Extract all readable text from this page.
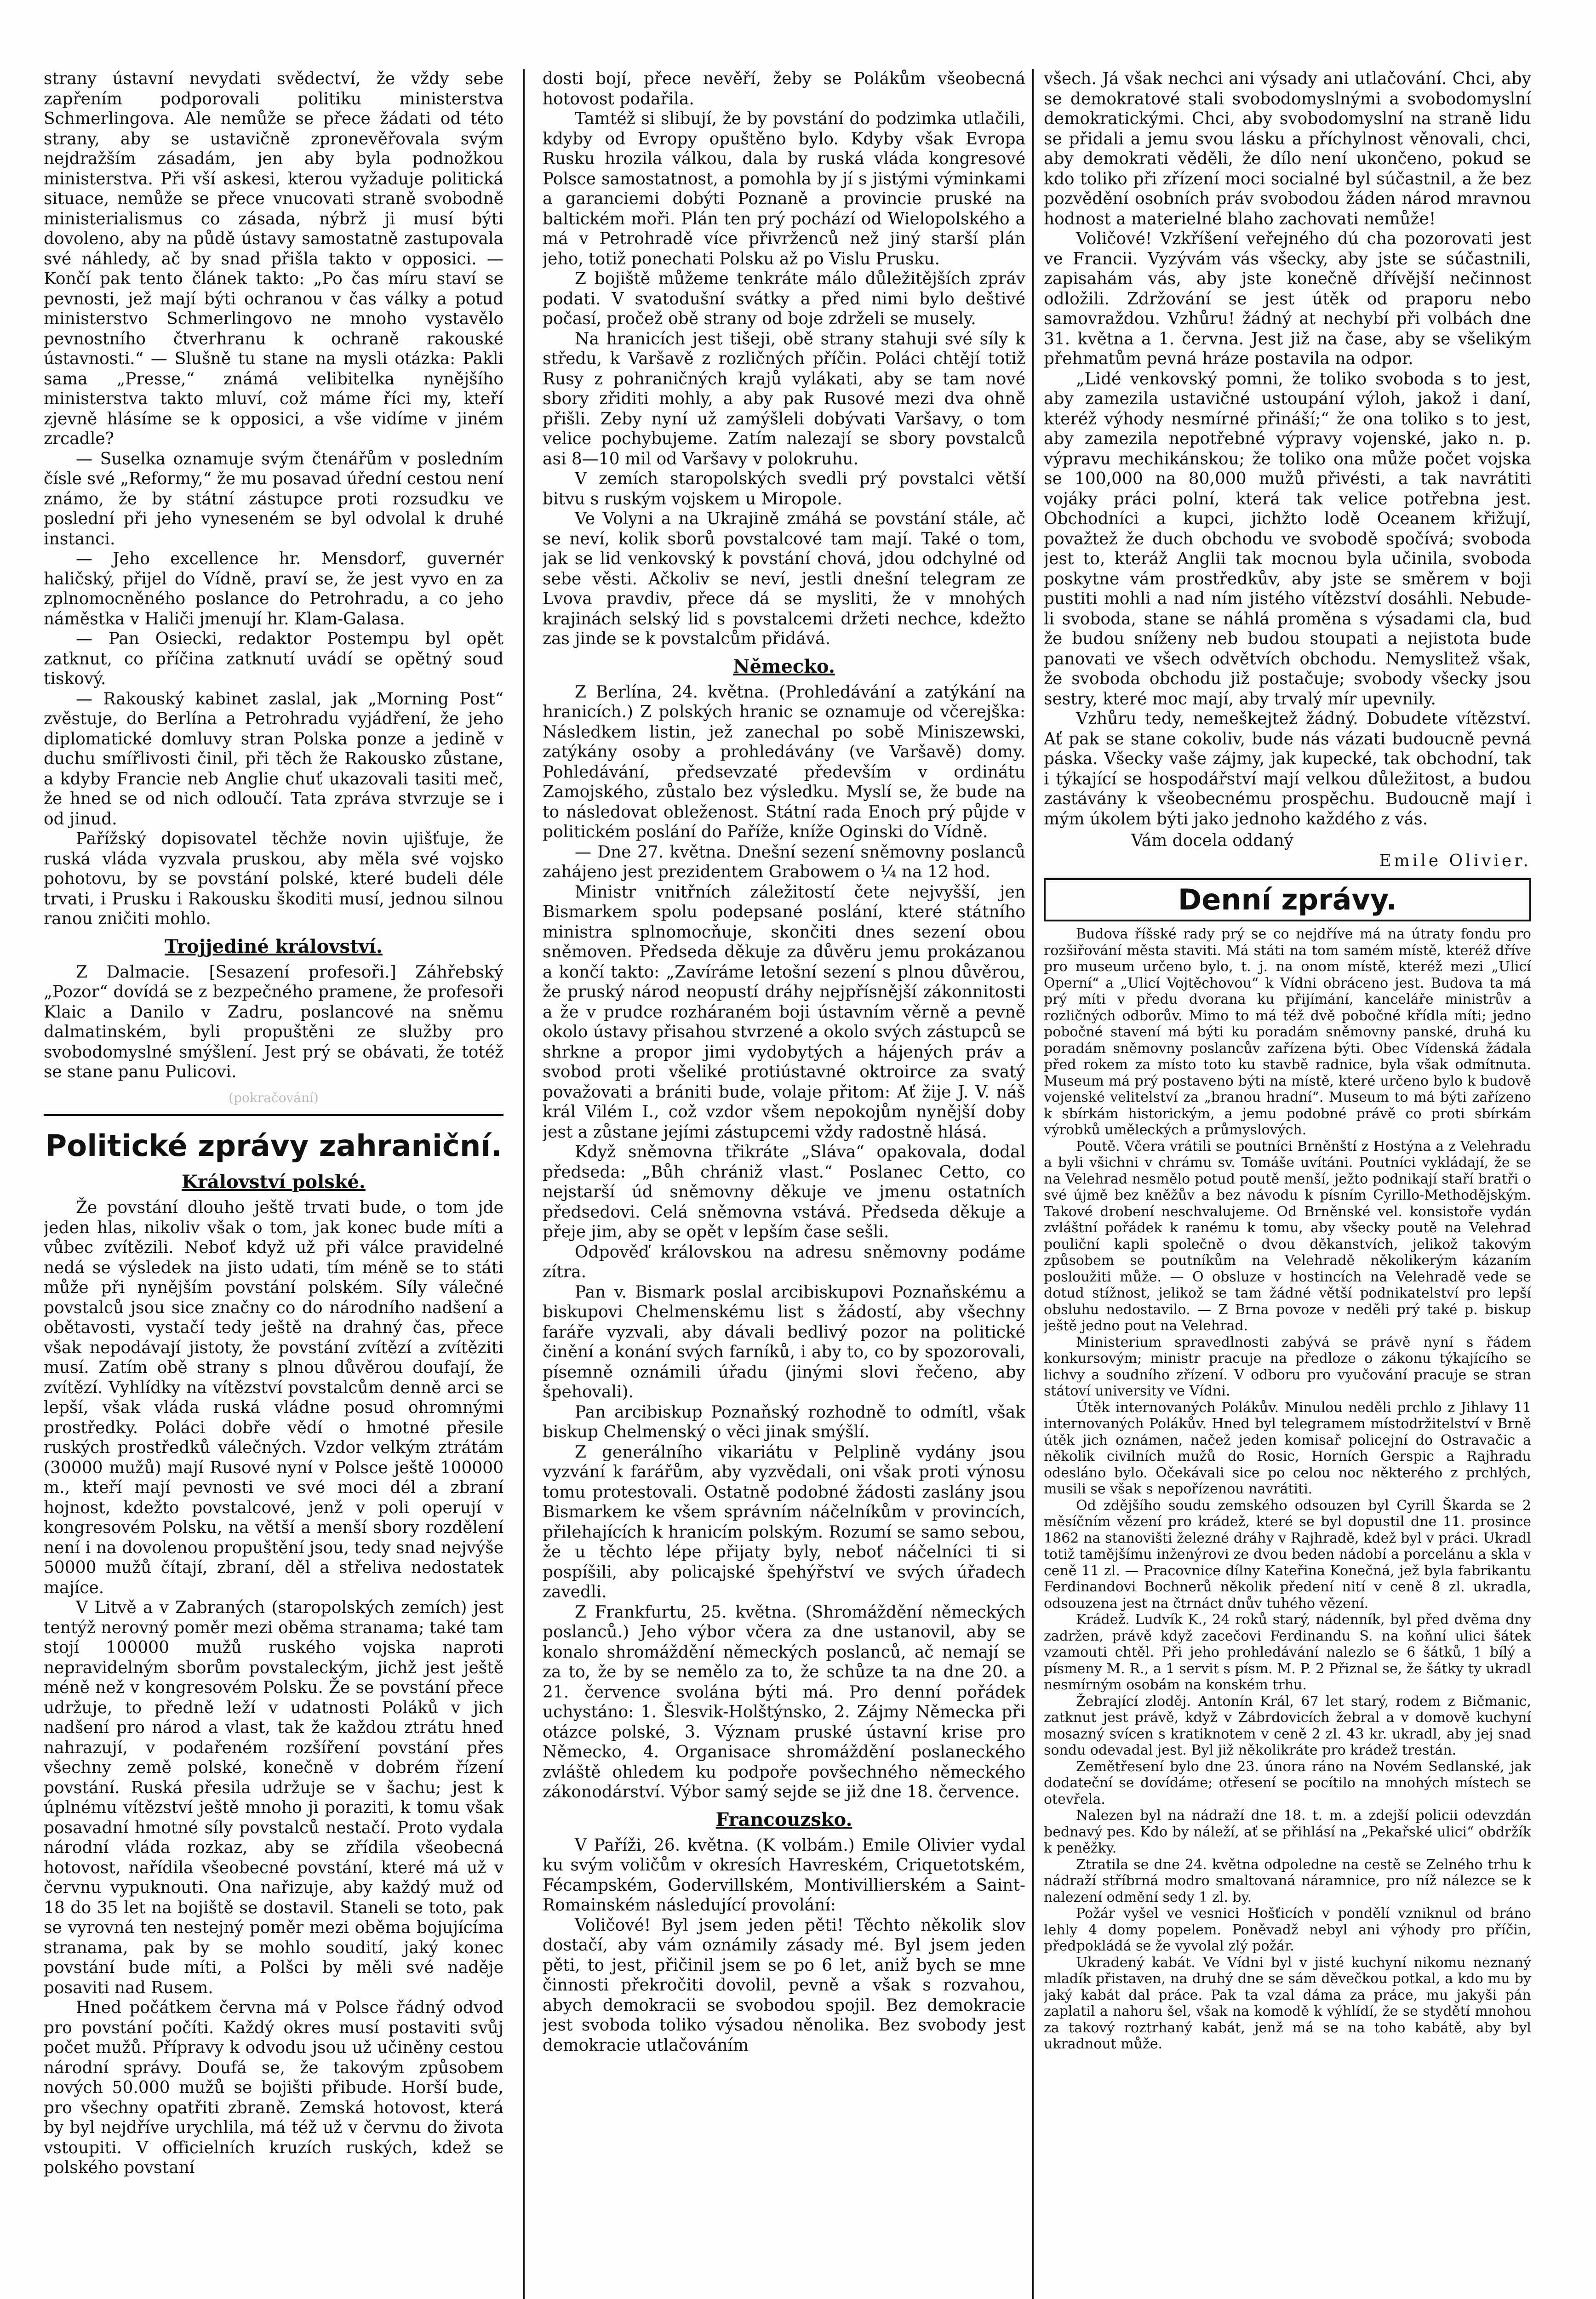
strany ústavní nevydati svědectví, že vždy sebe zapřením podporovali politiku ministerstva Schmerlingova. Ale nemůže se přece žádati od této strany, aby se ustavičně zpronevěřovala svým nejdražším zásadám, jen aby byla podnožkou ministerstva. Při vší askesi, kterou vyžaduje politická situace, nemůže se přece vnucovati straně svobodně ministerialismus co zásada, nýbrž ji musí býti dovoleno, aby na půdě ústavy samostatně zastupovala své náhledy, ač by snad přišla takto v opposici. — Končí pak tento článek takto: „Po čas míru staví se pevnosti, jež mají býti ochranou v čas války a potud ministerstvo Schmerlingovo ne mnoho vystavělo pevnostního čtverhranu k ochraně rakouské ústavnosti.“ — Slušně tu stane na mysli otázka: Pakli sama „Presse,“ známá velibitelka nynějšího ministerstva takto mluví, což máme říci my, kteří zjevně hlásíme se k opposici, a vše vidíme v jiném zrcadle?

— Suselka oznamuje svým čtenářům v posledním čísle své „Reformy,“ že mu posavad úřední cestou není známo, že by státní zástupce proti rozsudku ve poslední při jeho vyneseném se byl odvolal k druhé instanci.

— Jeho excellence hr. Mensdorf, guvernér haličský, přijel do Vídně, praví se, že jest vyvo en za zplnomocněného poslance do Petrohradu, a co jeho náměstka v Haliči jmenují hr. Klam-Galasa.

— Pan Osiecki, redaktor Postempu byl opět zatknut, co příčina zatknutí uvádí se opětný soud tiskový.

— Rakouský kabinet zaslal, jak „Morning Post“ zvěstuje, do Berlína a Petrohradu vyjádření, že jeho diplomatické domluvy stran Polska ponze a jedině v duchu smířlivosti činil, při těch že Rakousko zůstane, a kdyby Francie neb Anglie chuť ukazovali tasiti meč, že hned se od nich odloučí. Tata zpráva stvrzuje se i od jinud.

Pařížský dopisovatel těchže novin ujišťuje, že ruská vláda vyzvala pruskou, aby měla své vojsko pohotovu, by se povstání polské, které budeli déle trvati, i Prusku i Rakousku škoditi musí, jednou silnou ranou zničiti mohlo.

Trojjediné království.

Z Dalmacie. [Sesazení profesoři.] Záhřebský „Pozor“ dovídá se z bezpečného pramene, že profesoři Klaic a Danilo v Zadru, poslancové na sněmu dalmatinském, byli propuštěni ze služby pro svobodomyslné smýšlení. Jest prý se obávati, že totéž se stane panu Pulicovi.

(pokračování)
Politické zprávy zahraniční.
Království polské.

Že povstání dlouho ještě trvati bude, o tom jde jeden hlas, nikoliv však o tom, jak konec bude míti a vůbec zvítězili. Neboť když už při válce pravidelné nedá se výsledek na jisto udati, tím méně se to státi může při nynějším povstání polském. Síly válečné povstalců jsou sice značny co do národního nadšení a obětavosti, vystačí tedy ještě na drahný čas, přece však nepodávají jistoty, že povstání zvítězí a zvítěziti musí. Zatím obě strany s plnou důvěrou doufají, že zvítězí. Vyhlídky na vítězství povstalcům denně arci se lepší, však vláda ruská vládne posud ohromnými prostředky. Poláci dobře vědí o hmotné přesile ruských prostředků válečných. Vzdor velkým ztrátám (30000 mužů) mají Rusové nyní v Polsce ještě 100000 m., kteří mají pevnosti ve své moci dél a zbraní hojnost, kdežto povstalcové, jenž v poli operují v kongresovém Polsku, na větší a menší sbory rozdělení není i na dovolenou propuštění jsou, tedy snad nejvýše 50000 mužů čítají, zbraní, děl a střeliva nedostatek majíce.

V Litvě a v Zabraných (staropolských zemích) jest tentýž nerovný poměr mezi oběma stranama; také tam stojí 100000 mužů ruského vojska naproti nepravidelným sborům povstaleckým, jichž jest ještě méně než v kongresovém Polsku. Že se povstání přece udržuje, to předně leží v udatnosti Poláků v jich nadšení pro národ a vlast, tak že každou ztrátu hned nahrazují, v podařeném rozšíření povstání přes všechny země polské, konečně v dobrém řízení povstání. Ruská přesila udržuje se v šachu; jest k úplnému vítězství ještě mnoho ji poraziti, k tomu však posavadní hmotné síly povstalců nestačí. Proto vydala národní vláda rozkaz, aby se zřídila všeobecná hotovost, nařídila všeobecné povstání, které má už v červnu vypuknouti. Ona nařizuje, aby každý muž od 18 do 35 let na bojiště se dostavil. Staneli se toto, pak se vyrovná ten nestejný poměr mezi oběma bojujícíma stranama, pak by se mohlo soudití, jaký konec povstání bude míti, a Polšci by měli své naděje posaviti nad Rusem.

Hned počátkem června má v Polsce řádný odvod pro povstání počíti. Každý okres musí postaviti svůj počet mužů. Přípravy k odvodu jsou už učiněny cestou národní správy. Doufá se, že takovým způsobem nových 50.000 mužů se bojišti přibude. Horší bude, pro všechny opatřiti zbraně. Zemská hotovost, která by byl nejdříve urychlila, má též už v červnu do života vstoupiti. V officielních kruzích ruských, kdež se polského povstaní

dosti bojí, přece nevěří, žeby se Polákům všeobecná hotovost podařila.

Tamtéž si slibují, že by povstání do podzimka utlačili, kdyby od Evropy opuštěno bylo. Kdyby však Evropa Rusku hrozila válkou, dala by ruská vláda kongresové Polsce samostatnost, a pomohla by jí s jistými výminkami a garanciemi dobýti Poznaně a provincie pruské na baltickém moři. Plán ten prý pochází od Wielopolského a má v Petrohradě více přivrženců než jiný starší plán jeho, totiž ponechati Polsku až po Vislu Prusku.

Z bojiště můžeme tenkráte málo důležitějších zpráv podati. V svatodušní svátky a před nimi bylo deštivé počasí, pročež obě strany od boje zdrželi se musely.

Na hranicích jest tišeji, obě strany stahuji své síly k středu, k Varšavě z rozličných příčin. Poláci chtějí totiž Rusy z pohraničných krajů vylákati, aby se tam nové sbory zřiditi mohly, a aby pak Rusové mezi dva ohně přišli. Zeby nyní už zamýšleli dobývati Varšavy, o tom velice pochybujeme. Zatím nalezají se sbory povstalců asi 8—10 mil od Varšavy v polokruhu.

V zemích staropolských svedli prý povstalci větší bitvu s ruským vojskem u Miropole.

Ve Volyni a na Ukrajině zmáhá se povstání stále, ač se neví, kolik sborů povstalcové tam mají. Také o tom, jak se lid venkovský k povstání chová, jdou odchylné od sebe věsti. Ačkoliv se neví, jestli dnešní telegram ze Lvova pravdiv, přece dá se mysliti, že v mnohých krajinách selský lid s povstalcemi držeti nechce, kdežto zas jinde se k povstalcům přidává.

Německo.

Z Berlína, 24. května. (Prohledávání a zatýkání na hranicích.) Z polských hranic se oznamuje od včerejška: Následkem listin, jež zanechal po sobě Miniszewski, zatýkány osoby a prohledávány (ve Varšavě) domy. Pohledávání, předsevzaté především v ordinátu Zamojského, zůstalo bez výsledku. Myslí se, že bude na to následovat obleženost. Státní rada Enoch prý půjde v politickém poslání do Paříže, kníže Oginski do Vídně.

— Dne 27. května. Dnešní sezení sněmovny poslanců zahájeno jest prezidentem Grabowem o ¼ na 12 hod.

Ministr vnitřních záležitostí čete nejvyšší, jen Bismarkem spolu podepsané poslání, které státního ministra splnomocňuje, skončiti dnes sezení obou sněmoven. Předseda děkuje za důvěru jemu prokázanou a končí takto: „Zavíráme letošní sezení s plnou důvěrou, že pruský národ neopustí dráhy nejpřísnější zákonnitosti a že v prudce rozháraném boji ústavním věrně a pevně okolo ústavy přisahou stvrzené a okolo svých zástupců se shrkne a propor jimi vydobytých a hájených práv a svobod proti všeliké protiústavné oktroirce za svatý považovati a brániti bude, volaje přitom: Ať žije J. V. náš král Vilém I., což vzdor všem nepokojům nynější doby jest a zůstane jejími zástupcemi vždy radostně hlásá.

Když sněmovna třikráte „Sláva“ opakovala, dodal předseda: „Bůh chrániž vlast.“ Poslanec Cetto, co nejstarší úd sněmovny děkuje ve jmenu ostatních předsedovi. Celá sněmovna vstává. Předseda děkuje a přeje jim, aby se opět v lepším čase sešli.

Odpověď královskou na adresu sněmovny podáme zítra.

Pan v. Bismark poslal arcibiskupovi Poznaňskému a biskupovi Chelmenskému list s žádostí, aby všechny faráře vyzvali, aby dávali bedlivý pozor na politické činění a konání svých farníků, i aby to, co by spozorovali, písemně oznámili úřadu (jinými slovi řečeno, aby špehovali).

Pan arcibiskup Poznaňský rozhodně to odmítl, však biskup Chelmenský o věci jinak smýšlí.

Z generálního vikariátu v Pelplině vydány jsou vyzvání k farářům, aby vyzvědali, oni však proti výnosu tomu protestovali. Ostatně podobné žádosti zaslány jsou Bismarkem ke všem správním náčelníkům v provincích, přilehajících k hranicím polským. Rozumí se samo sebou, že u těchto lépe přijaty byly, neboť náčelníci ti si pospíšili, aby policajské špehýřství ve svých úřadech zavedli.

Z Frankfurtu, 25. května. (Shromáždění německých poslanců.) Jeho výbor včera za dne ustanovil, aby se konalo shromáždění německých poslanců, ač nemají se za to, že by se nemělo za to, že schůze ta na dne 20. a 21. července svolána býti má. Pro denní pořádek uchystáno: 1. Šlesvik-Holštýnsko, 2. Zájmy Německa při otázce polské, 3. Význam pruské ústavní krise pro Německo, 4. Organisace shromáždění poslaneckého zvláště ohledem ku podpoře povšechného německého zákonodárství. Výbor samý sejde se již dne 18. července.

Francouzsko.

V Paříži, 26. května. (K volbám.) Emile Olivier vydal ku svým voličům v okresích Havreském, Criquetotském, Fécampském, Godervillském, Montivillierském a Saint-Romainském následující provolání:

Voličové! Byl jsem jeden pěti! Těchto několik slov dostačí, aby vám oznámily zásady mé. Byl jsem jeden pěti, to jest, přičinil jsem se po 6 let, aniž bych se mne činnosti překročiti dovolil, pevně a však s rozvahou, abych demokracii se svobodou spojil. Bez demokracie jest svoboda toliko výsadou něnolika. Bez svobody jest demokracie utlačováním

všech. Já však nechci ani výsady ani utlačování. Chci, aby se demokratové stali svobodomyslnými a svobodomyslní demokratickými. Chci, aby svobodomyslní na straně lidu se přidali a jemu svou lásku a příchylnost věnovali, chci, aby demokrati věděli, že dílo není ukončeno, pokud se kdo toliko při zřízení moci socialné byl súčastnil, a že bez pozvědění osobních práv svobodou žáden národ mravnou hodnost a materielné blaho zachovati nemůže!

Voličové! Vzkříšení veřejného dú cha pozorovati jest ve Francii. Vyzývám vás všecky, aby jste se súčastnili, zapisahám vás, aby jste konečně dřívější nečinnost odložili. Zdržování se jest útěk od praporu nebo samovraždou. Vzhůru! žádný at nechybí při volbách dne 31. května a 1. června. Jest již na čase, aby se všelikým přehmatům pevná hráze postavila na odpor.

„Lidé venkovský pomni, že toliko svoboda s to jest, aby zamezila ustavičné ustoupání výloh, jakož i daní, kteréž výhody nesmírné přináší;“ že ona toliko s to jest, aby zamezila nepotřebné výpravy vojenské, jako n. p. výpravu mechikánskou; že toliko ona může počet vojska se 100,000 na 80,000 mužů přivésti, a tak navrátiti vojáky práci polní, která tak velice potřebna jest. Obchodníci a kupci, jichžto lodě Oceanem křižují, považtež že duch obchodu ve svobodě spočívá; svoboda jest to, kteráž Anglii tak mocnou byla učinila, svoboda poskytne vám prostředkův, aby jste se směrem v boji pustiti mohli a nad ním jistého vítězství dosáhli. Nebude-li svoboda, stane se náhlá proměna s výsadami cla, buď že budou sníženy neb budou stoupati a nejistota bude panovati ve všech odvětvích obchodu. Nemyslitež však, že svoboda obchodu již postačuje; svobody všecky jsou sestry, které moc mají, aby trvalý mír upevnily.

Vzhůru tedy, nemeškejtež žádný. Dobudete vítězství. Ať pak se stane cokoliv, bude nás vázati budoucně pevná páska. Všecky vaše zájmy, jak kupecké, tak obchodní, tak i týkající se hospodářství mají velkou důležitost, a budou zastávány k všeobecnému prospěchu. Budoucně mají i mým úkolem býti jako jednoho každého z vás.

Vám docela oddaný
Emile Olivier.
Denní zprávy.

Budova říšské rady prý se co nejdříve má na útraty fondu pro rozšiřování města staviti. Má státi na tom samém místě, kteréž dříve pro museum určeno bylo, t. j. na onom místě, kteréž mezi „Ulicí Operní“ a „Ulicí Vojtěchovou“ k Vídni obráceno jest. Budova ta má prý míti v předu dvorana ku přijímání, kanceláře ministrův a rozličných odborův. Mimo to má též dvě pobočné křídla míti; jedno pobočné stavení má býti ku poradám sněmovny panské, druhá ku poradám sněmovny poslancův zařízena býti. Obec Vídenská žádala před rokem za místo toto ku stavbě radnice, byla však odmítnuta. Museum má prý postaveno býti na místě, které určeno bylo k budově vojenské velitelství za „branou hradní“. Museum to má býti zařízeno k sbírkám historickým, a jemu podobné právě co proti sbírkám výrobků uměleckých a průmyslových.

Poutě. Včera vrátili se poutníci Brněnští z Hostýna a z Velehradu a byli všichni v chrámu sv. Tomáše uvítáni. Poutníci vykládají, že se na Velehrad nesmělo potud poutě menší, ježto podnikají staří bratři o své újmě bez kněžův a bez návodu k písním Cyrillo-Methodějským. Takové drobení neschvalujeme. Od Brněnské vel. konsistoře vydán zvláštní pořádek k ranému k tomu, aby všecky poutě na Velehrad pouliční kapli společně o dvou děkanstvích, jelikož takovým způsobem se poutníkům na Velehradě několikerým kázaním posloužiti může. — O obsluze v hostincích na Velehradě vede se dotud stížnost, jelikož se tam žádné větší podnikatelství pro lepší obsluhu nedostavilo. — Z Brna povoze v neděli prý také p. biskup ještě jedno pout na Velehrad.

Ministerium spravedlnosti zabývá se právě nyní s řádem konkursovým; ministr pracuje na předloze o zákonu týkajícího se lichvy a soudního zřízení. V odboru pro vyučování pracuje se stran státoví university ve Vídni.

Útěk internovaných Polákův. Minulou neděli prchlo z Jihlavy 11 internovaných Polákův. Hned byl telegramem místodržitelství v Brně útěk jich oznámen, načež jeden komisař policejní do Ostravačic a několik civilních mužů do Rosic, Horních Gerspic a Rajhradu odesláno bylo. Očekávali sice po celou noc některého z prchlých, musili se však s nepořízenou navrátiti.

Od zdějšího soudu zemského odsouzen byl Cyrill Škarda se 2 měsíčním vězení pro krádež, které se byl dopustil dne 11. prosince 1862 na stanovišti železné dráhy v Rajhradě, kdež byl v práci. Ukradl totiž tamějšímu inženýrovi ze dvou beden nádobí a porcelánu a skla v ceně 11 zl. — Pracovnice dílny Kateřina Konečná, jež byla fabrikantu Ferdinandovi Bochnerů několik předení nití v ceně 8 zl. ukradla, odsouzena jest na čtrnáct dnův tuhého vězení.

Krádež. Ludvík K., 24 roků starý, nádenník, byl před dvěma dny zadržen, právě když zacečovi Ferdinandu S. na koňní ulici šátek vzamouti chtěl. Při jeho prohledávání nalezlo se 6 šátků, 1 bílý a písmeny M. R., a 1 servit s písm. M. P. 2 Přiznal se, že šátky ty ukradl nesmírným osobám na konském trhu.

Žebrající zloděj. Antonín Král, 67 let starý, rodem z Bičmanic, zatknut jest právě, když v Zábrdovicích žebral a v domově kuchyní mosazný svícen s kratiknotem v ceně 2 zl. 43 kr. ukradl, aby jej snad sondu odevadal jest. Byl již několikráte pro krádež trestán.

Zemětřesení bylo dne 23. února ráno na Novém Sedlanské, jak dodateční se dovídáme; otřesení se pocítilo na mnohých místech se otevřela.

Nalezen byl na nádraží dne 18. t. m. a zdejší policii odevzdán bednavý pes. Kdo by náleží, ať se přihlásí na „Pekařské ulici“ obdržík k peněžky.

Ztratila se dne 24. května odpoledne na cestě se Zelného trhu k nádraží stříbrná modro smaltovaná náramnice, pro níž nálezce se k nalezení odmění sedy 1 zl. by.

Požár vyšel ve vesnici Hošťicích v pondělí vzniknul od bráno lehly 4 domy popelem. Poněvadž nebyl ani výhody pro příčin, předpokládá se že vyvolal zlý požár.

Ukradený kabát. Ve Vídni byl v jisté kuchyní nikomu neznaný mladík přistaven, na druhý dne se sám děvečkou potkal, a kdo mu by jaký kabát dal práce. Pak ta vzal dáma za práce, mu jakyši pán zaplatil a nahoru šel, však na komodě k výhlídí, že se stydětí mnohou za takový roztrhaný kabát, jenž má se na toho kabátě, aby byl ukradnout může.
